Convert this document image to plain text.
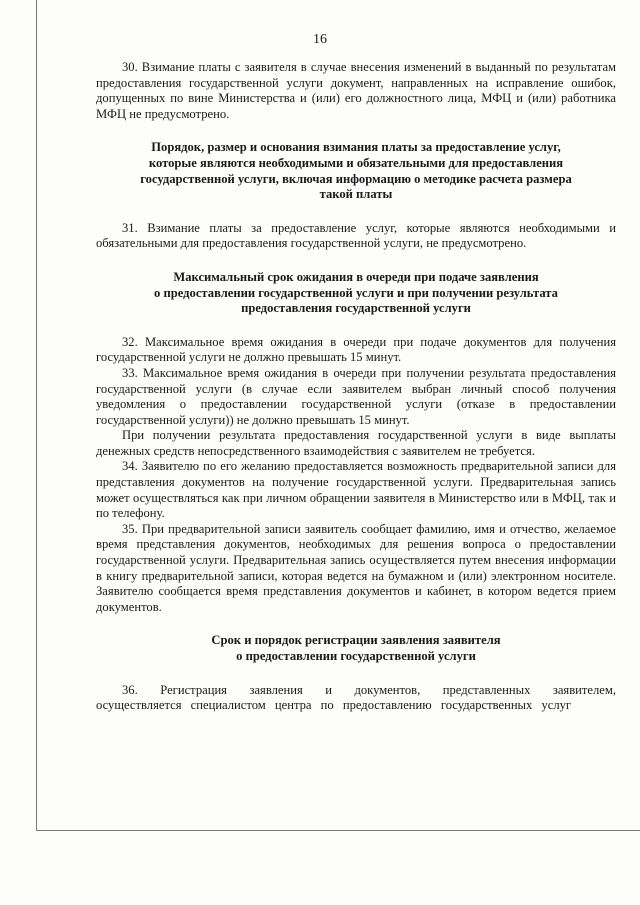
16

30. Взимание платы с заявителя в случае внесения изменений в выданный по результатам предоставления государственной услуги документ, направленных на исправление ошибок, допущенных по вине Министерства и (или) его должностного лица, МФЦ и (или) работника МФЦ не предусмотрено.

Порядок, размер и основания взимания платы за предоставление услуг,
которые являются необходимыми и обязательными для предоставления
государственной услуги, включая информацию о методике расчета размера
такой платы

31. Взимание платы за предоставление услуг, которые являются необходимыми и обязательными для предоставления государственной услуги, не предусмотрено.

Максимальный срок ожидания в очереди при подаче заявления
о предоставлении государственной услуги и при получении результата
предоставления государственной услуги

32. Максимальное время ожидания в очереди при подаче документов для получения государственной услуги не должно превышать 15 минут.

33. Максимальное время ожидания в очереди при получении результата предоставления государственной услуги (в случае если заявителем выбран личный способ получения уведомления о предоставлении государственной услуги (отказе в предоставлении государственной услуги)) не должно превышать 15 минут.

При получении результата предоставления государственной услуги в виде выплаты денежных средств непосредственного взаимодействия с заявителем не требуется.

34. Заявителю по его желанию предоставляется возможность предварительной записи для представления документов на получение государственной услуги. Предварительная запись может осуществляться как при личном обращении заявителя в Министерство или в МФЦ, так и по телефону.

35. При предварительной записи заявитель сообщает фамилию, имя и отчество, желаемое время представления документов, необходимых для решения вопроса о предоставлении государственной услуги. Предварительная запись осуществляется путем внесения информации в книгу предварительной записи, которая ведется на бумажном и (или) электронном носителе. Заявителю сообщается время представления документов и кабинет, в котором ведется прием документов.

Срок и порядок регистрации заявления заявителя
о предоставлении государственной услуги

36. Регистрация заявления и документов, представленных заявителем, осуществляется специалистом центра по предоставлению государственных услуг
